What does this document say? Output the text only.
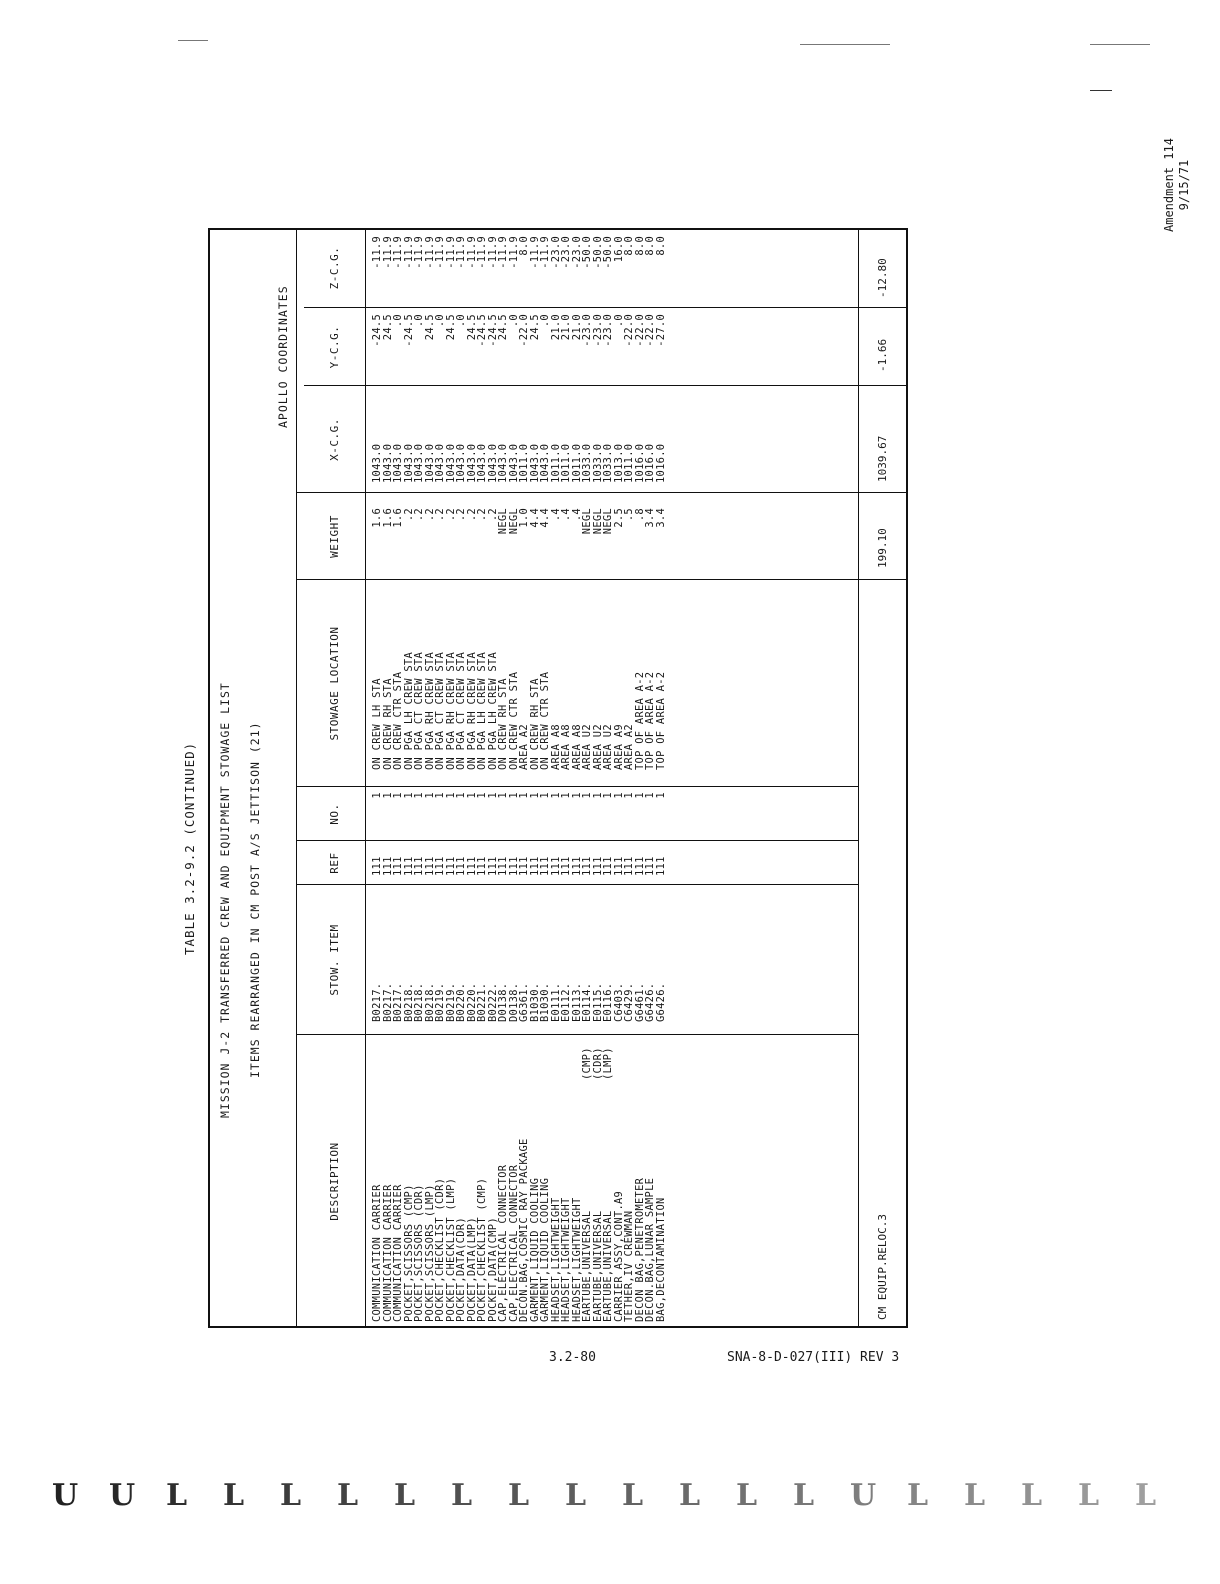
Amendment 114 9/15/71
TABLE 3.2-9.2 (CONTINUED) MISSION J-2 TRANSFERRED CREW AND EQUIPMENT STOWAGE LIST ITEMS REARRANGED IN CM POST A/S JETTISON (21)
APOLLO COORDINATES
DESCRIPTION
STOW. ITEM
REF
NO.
STOWAGE LOCATION
WEIGHT
X-C.G.
Y-C.G.
Z-C.G.
COMMUNICATION CARRIER
COMMUNICATION CARRIER
COMMUNICATION CARRIER
POCKET,SCISSORS (CMP)
POCKET,SCISSORS (CDR)
POCKET,SCISSORS (LMP)
POCKET,CHECKLIST (CDR)
POCKET,CHECKLIST (LMP)
POCKET,DATA(CDR)
POCKET,DATA(LMP)
POCKET,CHECKLIST (CMP)
POCKET,DATA(CMP)
CAP,ELECTRICAL CONNECTOR
CAP,ELECTRICAL CONNECTOR
DECON.BAG,COSMIC RAY PACKAGE
GARMENT,LIQUID COOLING
GARMENT,LIQUID COOLING
HEADSET,LIGHTWEIGHT
HEADSET,LIGHTWEIGHT
HEADSET,LIGHTWEIGHT
EARTUBE,UNIVERSAL
EARTUBE,UNIVERSAL
EARTUBE,UNIVERSAL
CARRIER ASSY,CONT.A9
TETHER,IV CREWMAN
DECON BAG,PENETROMETER
DECON.BAG,LUNAR SAMPLE
BAG,DECONTAMINATION
(CMP)
(CDR)
(LMP)
B0217.
B0217.
B0217.
B0218.
B0218.
B0218.
B0219.
B0219.
B0220.
B0220.
B0221.
B0222.
D0138.
D0138.
G6361.
B1030.
B1030.
E0111.
E0112.
E0113.
E0114.
E0115.
E0116.
C6403.
C6429.
G6461.
G6426.
G6426.
111
111
111
111
111
111
111
111
111
111
111
111
111
111
111
111
111
111
111
111
111
111
111
111
111
111
111
111
1
1
1
1
1
1
1
1
1
1
1
1
1
1
1
1
1
1
1
1
1
1
1
1
1
1
1
1
ON CREW LH STA
ON CREW RH STA
ON CREW CTR STA
ON PGA LH CREW STA
ON PGA CT CREW STA
ON PGA RH CREW STA
ON PGA CT CREW STA
ON PGA RH CREW STA
ON PGA CT CREW STA
ON PGA RH CREW STA
ON PGA LH CREW STA
ON PGA LH CREW STA
ON CREW RH STA
ON CREW CTR STA
AREA A2
ON CREW RH STA
ON CREW CTR STA
AREA A8
AREA A8
AREA A8
AREA U2
AREA U2
AREA U2
AREA A9
AREA A2
TOP OF AREA A-2
TOP OF AREA A-2
TOP OF AREA A-2
1.6
1.6
1.6
.2
.2
.2
.2
.2
.2
.2
.2
.2
NEGL
NEGL
1.0
4.4
4.4
.4
.4
.4
NEGL
NEGL
NEGL
2.5
.5
.8
3.4
3.4
1043.0
1043.0
1043.0
1043.0
1043.0
1043.0
1043.0
1043.0
1043.0
1043.0
1043.0
1043.0
1043.0
1043.0
1011.0
1043.0
1043.0
1011.0
1011.0
1011.0
1033.0
1033.0
1033.0
1013.0
1011.0
1016.0
1016.0
1016.0
-24.5
24.5
.0
-24.5
.0
24.5
.0
24.5
.0
24.5
-24.5
-24.5
24.5
.0
-22.0
24.5
.0
21.0
21.0
21.0
-23.0
-23.0
-23.0
.0
-22.0
-22.0
-22.0
-27.0
-11.9
-11.9
-11.9
-11.9
-11.9
-11.9
-11.9
-11.9
-11.9
-11.9
-11.9
-11.9
-11.9
-11.9
8.0
-11.9
-11.9
-23.0
-23.0
-23.0
-50.0
-50.0
-50.0
16.0
8.0
8.0
8.0
8.0
CM EQUIP.RELOC.3
199.10
1039.67
-1.66
-12.80
3.2-80	SNA-8-D-027(III) REV 3
U U L L L L L L L L L L L L U L L L L L
